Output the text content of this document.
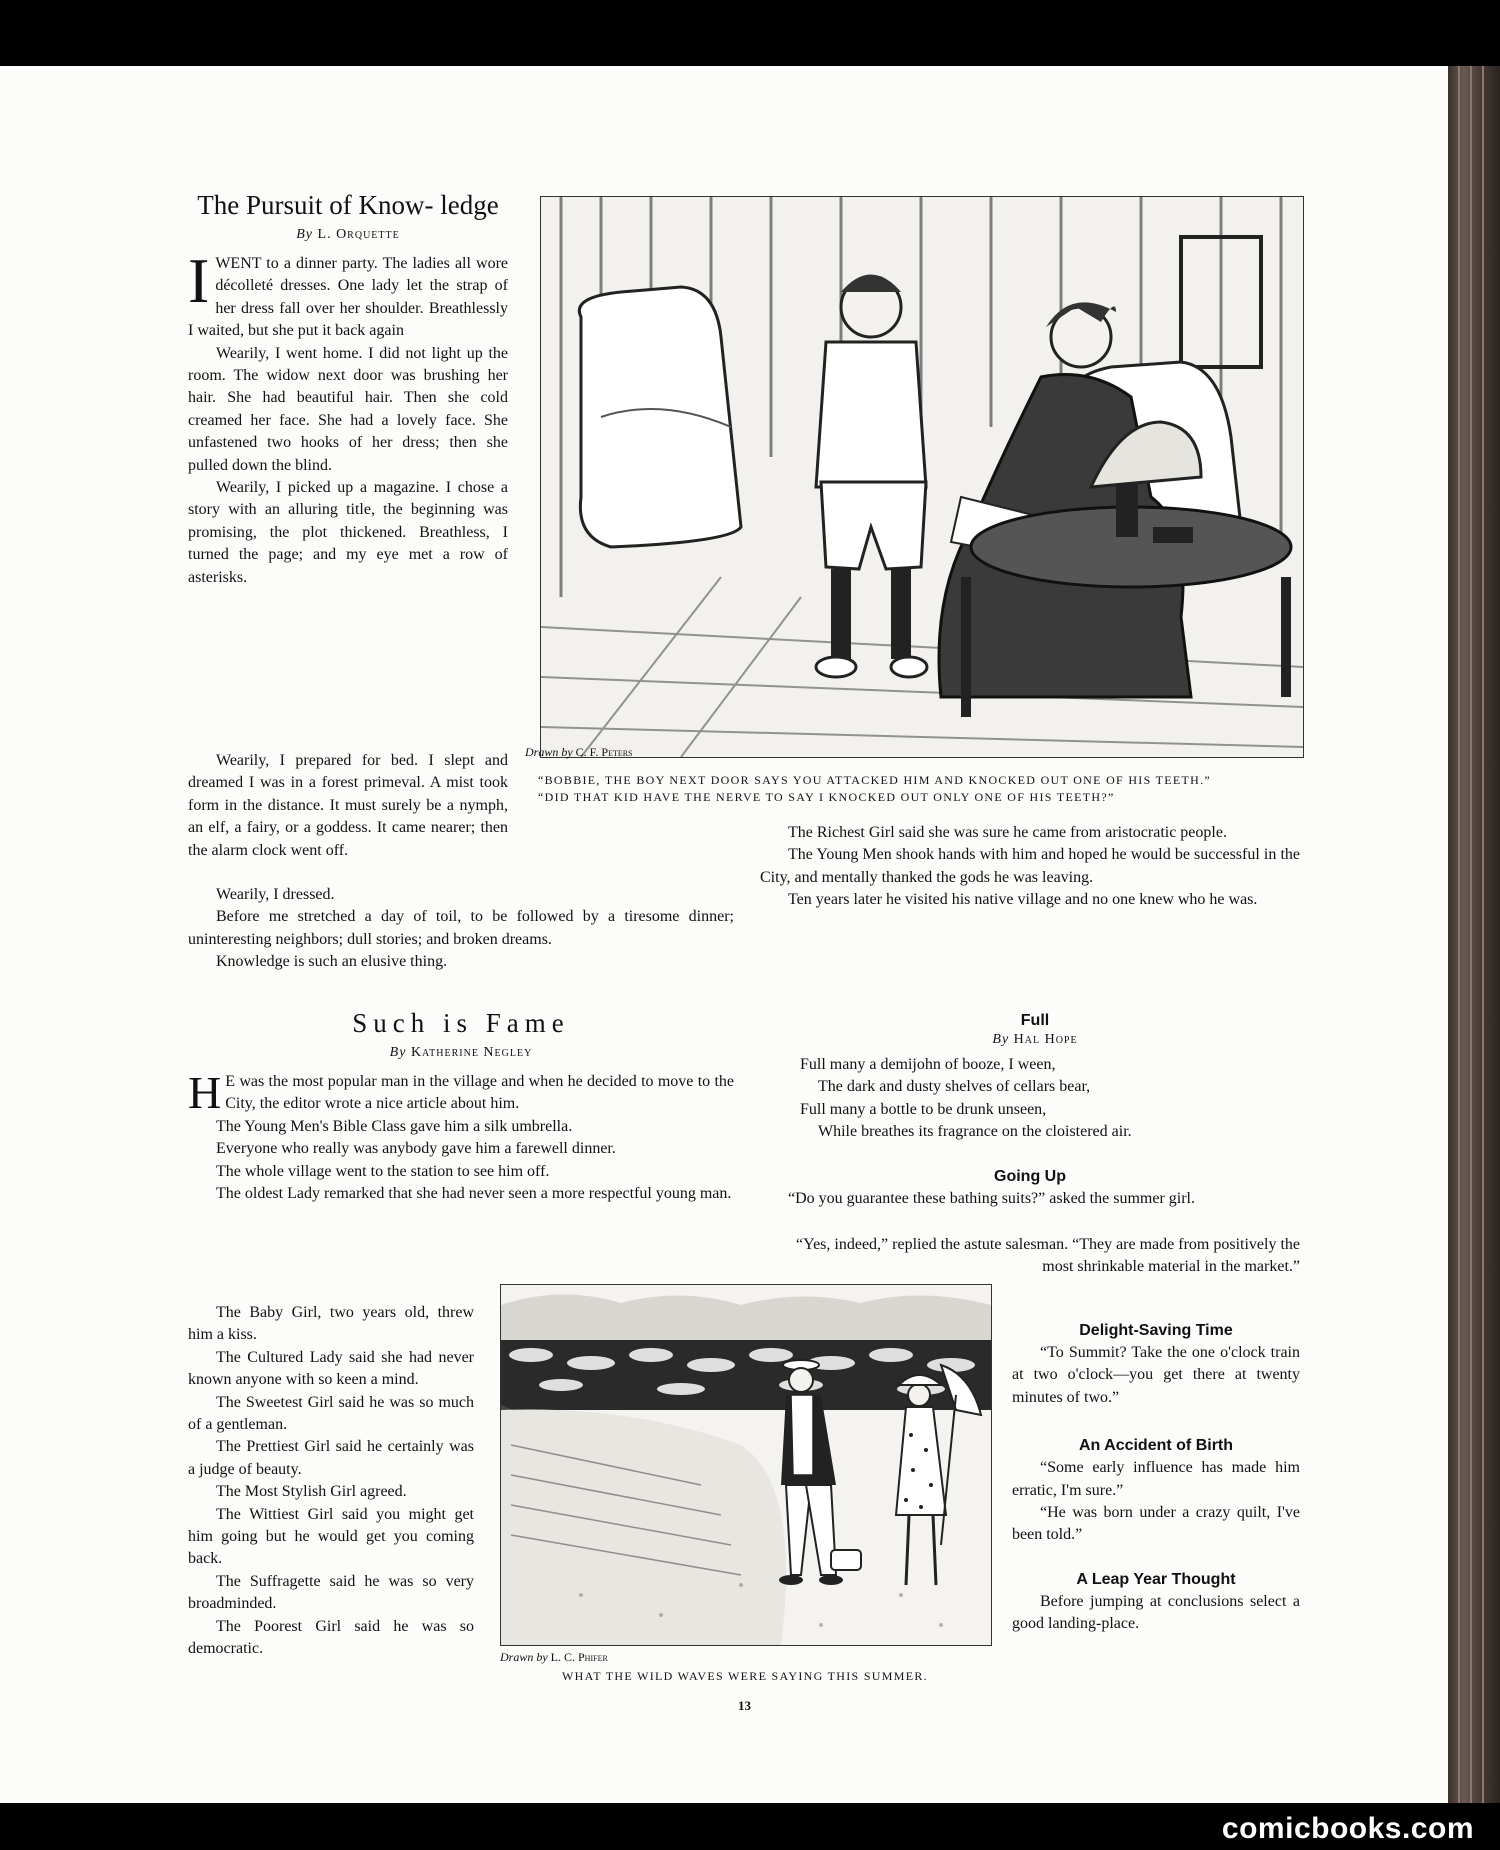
The Pursuit of Know- ledge
By L. Orquette
I WENT to a dinner party. The ladies all wore décolleté dresses. One lady let the strap of her dress fall over her shoulder. Breathlessly I waited, but she put it back again

Wearily, I went home. I did not light up the room. The widow next door was brushing her hair. She had beautiful hair. Then she cold creamed her face. She had a lovely face. She unfastened two hooks of her dress; then she pulled down the blind.

Wearily, I picked up a magazine. I chose a story with an alluring title, the beginning was promising, the plot thickened. Breathless, I turned the page; and my eye met a row of asterisks.

Wearily, I prepared for bed. I slept and dreamed I was in a forest primeval. A mist took form in the distance. It must surely be a nymph, an elf, a fairy, or a goddess. It came nearer; then the alarm clock went off.

Wearily, I dressed.

Before me stretched a day of toil, to be followed by a tiresome dinner; uninteresting neighbors; dull stories; and broken dreams.

Knowledge is such an elusive thing.

Drawn by C. F. Peters
“BOBBIE, THE BOY NEXT DOOR SAYS YOU ATTACKED HIM AND KNOCKED OUT ONE OF HIS TEETH.”
“DID THAT KID HAVE THE NERVE TO SAY I KNOCKED OUT ONLY ONE OF HIS TEETH?”

The Richest Girl said she was sure he came from aristocratic people.

The Young Men shook hands with him and hoped he would be successful in the City, and mentally thanked the gods he was leaving.

Ten years later he visited his native village and no one knew who he was.

Such is Fame
By Katherine Negley
H E was the most popular man in the village and when he decided to move to the City, the editor wrote a nice article about him.

The Young Men's Bible Class gave him a silk umbrella.

Everyone who really was anybody gave him a farewell dinner.

The whole village went to the station to see him off.

The oldest Lady remarked that she had never seen a more respectful young man.

The Baby Girl, two years old, threw him a kiss.

The Cultured Lady said she had never known anyone with so keen a mind.

The Sweetest Girl said he was so much of a gentleman.

The Prettiest Girl said he certainly was a judge of beauty.

The Most Stylish Girl agreed.

The Wittiest Girl said you might get him going but he would get you coming back.

The Suffragette said he was so very broadminded.

The Poorest Girl said he was so democratic.

Full
By Hal Hope
Full many a demijohn of booze, I ween,
The dark and dusty shelves of cellars bear,
Full many a bottle to be drunk unseen,
While breathes its fragrance on the cloistered air.
Going Up

“Do you guarantee these bathing suits?” asked the summer girl.

“Yes, indeed,” replied the astute salesman. “They are made from positively the most shrinkable material in the market.”

Drawn by L. C. Phifer
WHAT THE WILD WAVES WERE SAYING THIS SUMMER.
Delight-Saving Time

“To Summit? Take the one o'clock train at two o'clock—you get there at twenty minutes of two.”

An Accident of Birth

“Some early influence has made him erratic, I'm sure.”

“He was born under a crazy quilt, I've been told.”

A Leap Year Thought

Before jumping at conclusions select a good landing-place.

13
comicbooks.com
